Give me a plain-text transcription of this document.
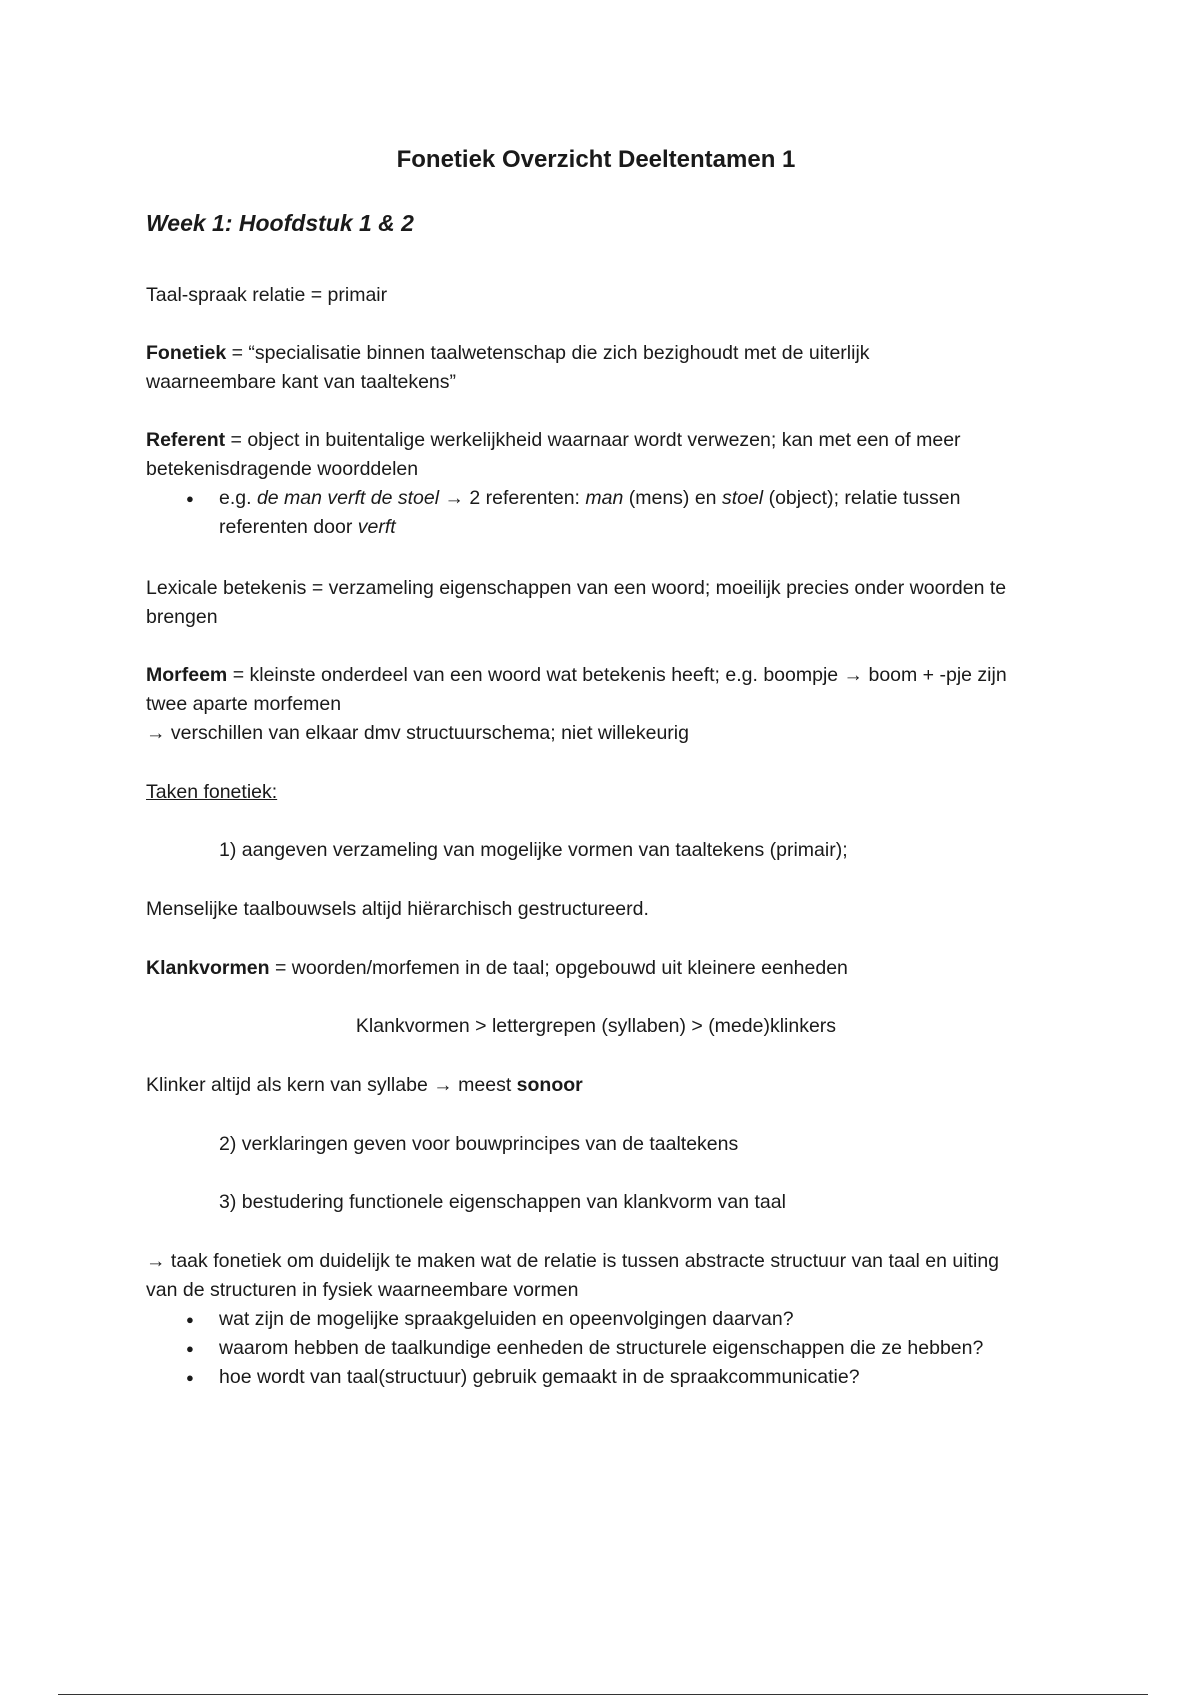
Fonetiek Overzicht Deeltentamen 1
Week 1: Hoofdstuk 1 & 2

Taal-spraak relatie = primair

Fonetiek = “specialisatie binnen taalwetenschap die zich bezighoudt met de uiterlijk waarneembare kant van taaltekens”

Referent = object in buitentalige werkelijkheid waarnaar wordt verwezen; kan met een of meer betekenisdragende woorddelen

● e.g. de man verft de stoel → 2 referenten: man (mens) en stoel (object); relatie tussen referenten door verft

Lexicale betekenis = verzameling eigenschappen van een woord; moeilijk precies onder woorden te brengen

Morfeem = kleinste onderdeel van een woord wat betekenis heeft; e.g. boompje → boom + -pje zijn twee aparte morfemen
→ verschillen van elkaar dmv structuurschema; niet willekeurig

Taken fonetiek:

1) aangeven verzameling van mogelijke vormen van taaltekens (primair);

Menselijke taalbouwsels altijd hiërarchisch gestructureerd.

Klankvormen = woorden/morfemen in de taal; opgebouwd uit kleinere eenheden

Klankvormen > lettergrepen (syllaben) > (mede)klinkers

Klinker altijd als kern van syllabe → meest sonoor

2) verklaringen geven voor bouwprincipes van de taaltekens

3) bestudering functionele eigenschappen van klankvorm van taal

→ taak fonetiek om duidelijk te maken wat de relatie is tussen abstracte structuur van taal en uiting van de structuren in fysiek waarneembare vormen

● wat zijn de mogelijke spraakgeluiden en opeenvolgingen daarvan?
● waarom hebben de taalkundige eenheden de structurele eigenschappen die ze hebben?
● hoe wordt van taal(structuur) gebruik gemaakt in de spraakcommunicatie?
